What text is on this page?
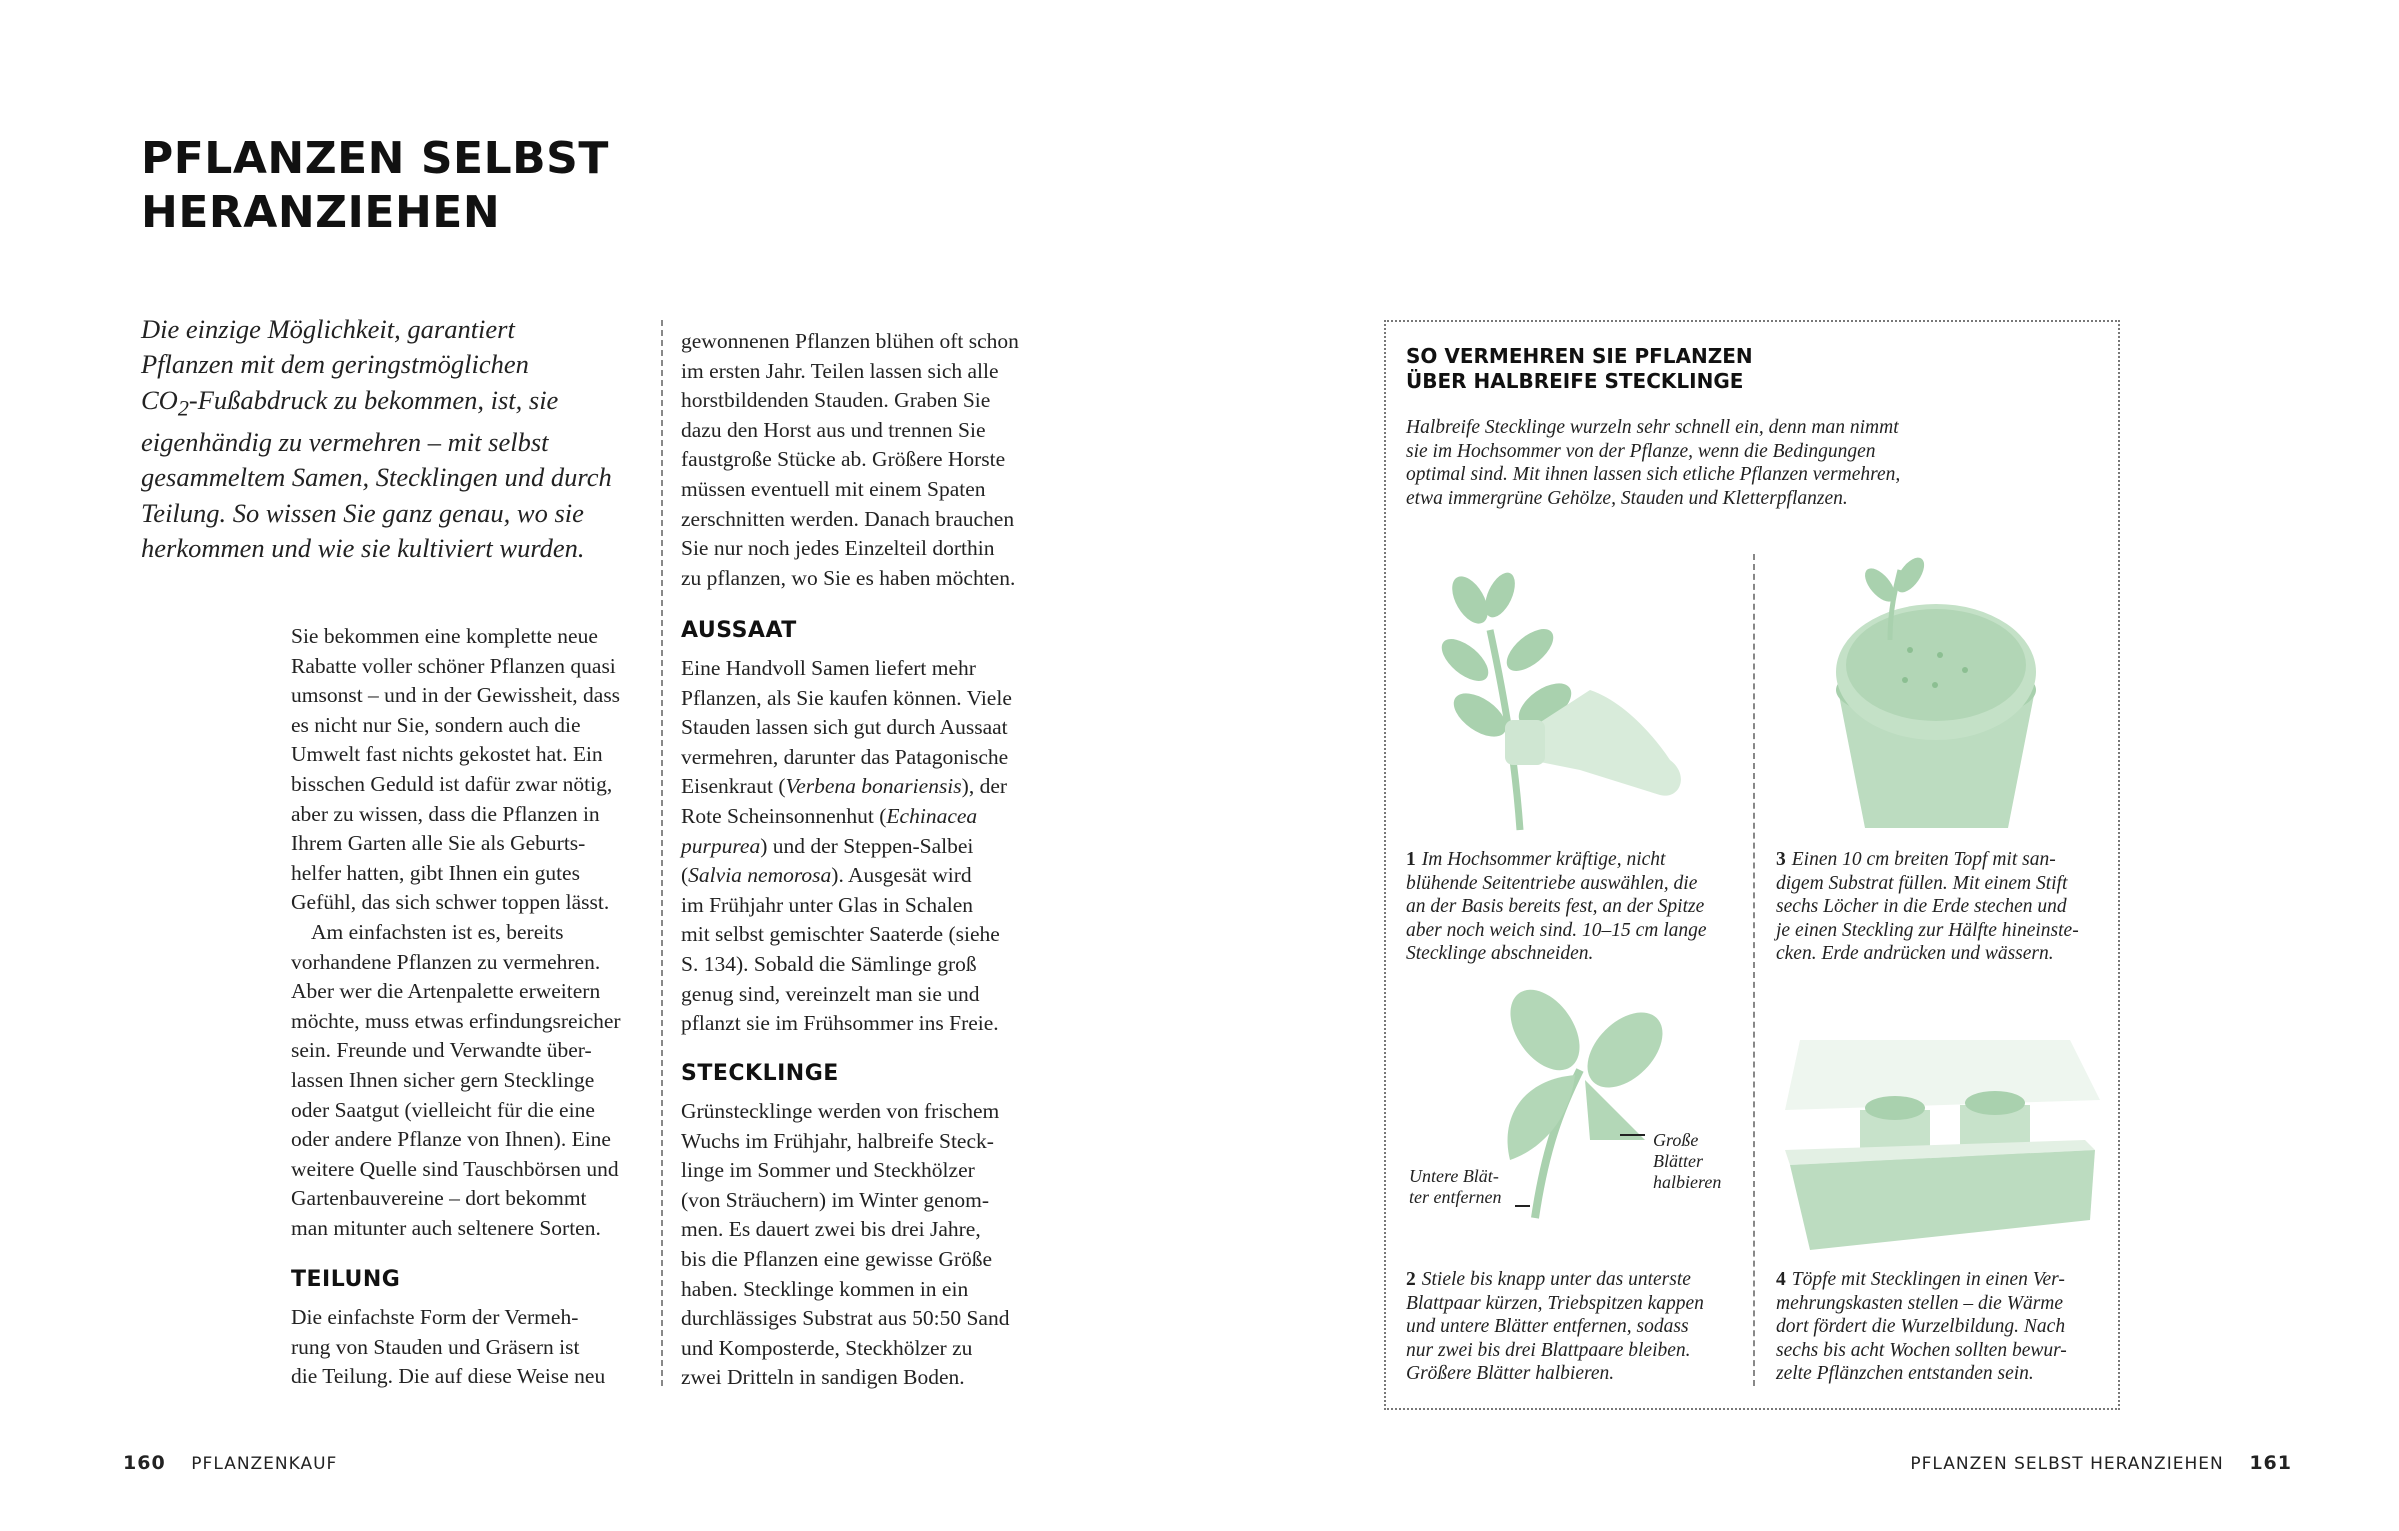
PFLANZEN SELBST
HERANZIEHEN
Die einzige Möglichkeit, garantiert
Pflanzen mit dem geringstmöglichen
$CO_2$-Fußabdruck zu bekommen, ist, sie
eigenhändig zu vermehren – mit selbst
gesammeltem Samen, Stecklingen und durch
Teilung. So wissen Sie ganz genau, wo sie
herkommen und wie sie kultiviert wurden.
Sie bekommen eine komplette neue
Rabatte voller schöner Pflanzen quasi
umsonst – und in der Gewissheit, dass
es nicht nur Sie, sondern auch die
Umwelt fast nichts gekostet hat. Ein
bisschen Geduld ist dafür zwar nötig,
aber zu wissen, dass die Pflanzen in
Ihrem Garten alle Sie als Geburts-
helfer hatten, gibt Ihnen ein gutes
Gefühl, das sich schwer toppen lässt.
Am einfachsten ist es, bereits
vorhandene Pflanzen zu vermehren.
Aber wer die Artenpalette erweitern
möchte, muss etwas erfindungsreicher
sein. Freunde und Verwandte über-
lassen Ihnen sicher gern Stecklinge
oder Saatgut (vielleicht für die eine
oder andere Pflanze von Ihnen). Eine
weitere Quelle sind Tauschbörsen und
Gartenbauvereine – dort bekommt
man mitunter auch seltenere Sorten.
TEILUNG
Die einfachste Form der Vermeh-
rung von Stauden und Gräsern ist
die Teilung. Die auf diese Weise neu
gewonnenen Pflanzen blühen oft schon
im ersten Jahr. Teilen lassen sich alle
horstbildenden Stauden. Graben Sie
dazu den Horst aus und trennen Sie
faustgroße Stücke ab. Größere Horste
müssen eventuell mit einem Spaten
zerschnitten werden. Danach brauchen
Sie nur noch jedes Einzelteil dorthin
zu pflanzen, wo Sie es haben möchten.
AUSSAAT
Eine Handvoll Samen liefert mehr
Pflanzen, als Sie kaufen können. Viele
Stauden lassen sich gut durch Aussaat
vermehren, darunter das Patagonische
Eisenkraut (Verbena bonariensis), der
Rote Scheinsonnenhut (Echinacea
purpurea) und der Steppen-Salbei
(Salvia nemorosa). Ausgesät wird
im Frühjahr unter Glas in Schalen
mit selbst gemischter Saaterde (siehe
S. 134). Sobald die Sämlinge groß
genug sind, vereinzelt man sie und
pflanzt sie im Frühsommer ins Freie.
STECKLINGE
Grünstecklinge werden von frischem
Wuchs im Frühjahr, halbreife Steck-
linge im Sommer und Steckhölzer
(von Sträuchern) im Winter genom-
men. Es dauert zwei bis drei Jahre,
bis die Pflanzen eine gewisse Größe
haben. Stecklinge kommen in ein
durchlässiges Substrat aus 50:50 Sand
und Komposterde, Steckhölzer zu
zwei Dritteln in sandigen Boden.
SO VERMEHREN SIE PFLANZEN
ÜBER HALBREIFE STECKLINGE
Halbreife Stecklinge wurzeln sehr schnell ein, denn man nimmt
sie im Hochsommer von der Pflanze, wenn die Bedingungen
optimal sind. Mit ihnen lassen sich etliche Pflanzen vermehren,
etwa immergrüne Gehölze, Stauden und Kletterpflanzen.
1 Im Hochsommer kräftige, nicht
blühende Seitentriebe auswählen, die
an der Basis bereits fest, an der Spitze
aber noch weich sind. 10–15 cm lange
Stecklinge abschneiden.
2 Stiele bis knapp unter das unterste
Blattpaar kürzen, Triebspitzen kappen
und untere Blätter entfernen, sodass
nur zwei bis drei Blattpaare bleiben.
Größere Blätter halbieren.
3 Einen 10 cm breiten Topf mit san-
digem Substrat füllen. Mit einem Stift
sechs Löcher in die Erde stechen und
je einen Steckling zur Hälfte hineinste-
cken. Erde andrücken und wässern.
4 Töpfe mit Stecklingen in einen Ver-
mehrungskasten stellen – die Wärme
dort fördert die Wurzelbildung. Nach
sechs bis acht Wochen sollten bewur-
zelte Pflänzchen entstanden sein.
Untere Blät-
ter entfernen
Große
Blätter
halbieren
160 PFLANZENKAUF	PFLANZEN SELBST HERANZIEHEN 161
